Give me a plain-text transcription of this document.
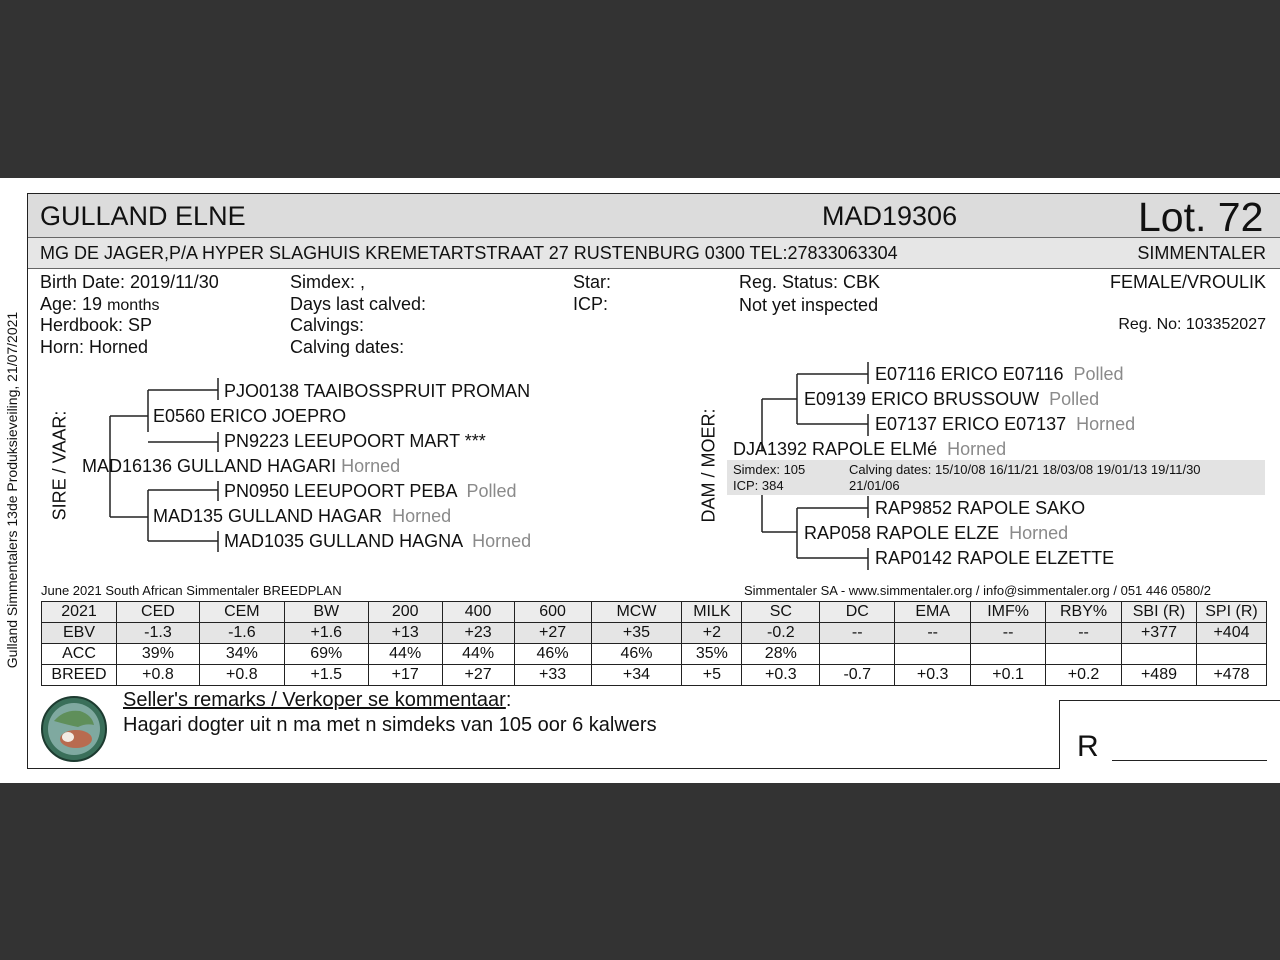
Gulland Simmentalers 13de Produksieveiling, 21/07/2021
GULLAND ELNE	MAD19306	Lot. 72
MG DE JAGER,P/A HYPER SLAGHUIS KREMETARTSTRAAT 27 RUSTENBURG 0300 TEL:27833063304	SIMMENTALER
Birth Date: 2019/11/30
Age: 19 months
Herdbook: SP
Horn: Horned
Simdex: ,
Days last calved:
Calvings:
Calving dates:
Star:
ICP:
Reg. Status: CBK
Not yet inspected
FEMALE/VROULIK
Reg. No: 103352027
SIRE / VAAR:
PJO0138 TAAIBOSSPRUIT PROMAN
E0560 ERICO JOEPRO
PN9223 LEEUPOORT MART ***
MAD16136 GULLAND HAGARI Horned
PN0950 LEEUPOORT PEBA Polled
MAD135 GULLAND HAGAR Horned
MAD1035 GULLAND HAGNA Horned
DAM / MOER:
E07116 ERICO E07116 Polled
E09139 ERICO BRUSSOUW Polled
E07137 ERICO E07137 Horned
DJA1392 RAPOLE ELMé Horned
Simdex: 105
ICP: 384
Calving dates: 15/10/08 16/11/21 18/03/08 19/01/13 19/11/30
21/01/06
RAP9852 RAPOLE SAKO
RAP058 RAPOLE ELZE Horned
RAP0142 RAPOLE ELZETTE
June 2021 South African Simmentaler BREEDPLAN	Simmentaler SA - www.simmentaler.org / info@simmentaler.org / 051 446 0580/2
2021	CED	CEM	BW	200	400	600	MCW	MILK	SC	DC	EMA	IMF%	RBY%	SBI (R)	SPI (R)
EBV	-1.3	-1.6	+1.6	+13	+23	+27	+35	+2	-0.2	--	--	--	--	+377	+404
ACC	39%	34%	69%	44%	44%	46%	46%	35%	28%						
BREED	+0.8	+0.8	+1.5	+17	+27	+33	+34	+5	+0.3	-0.7	+0.3	+0.1	+0.2	+489	+478
Seller's remarks / Verkoper se kommentaar:
Hagari dogter uit n ma met n simdeks van 105 oor 6 kalwers
R
